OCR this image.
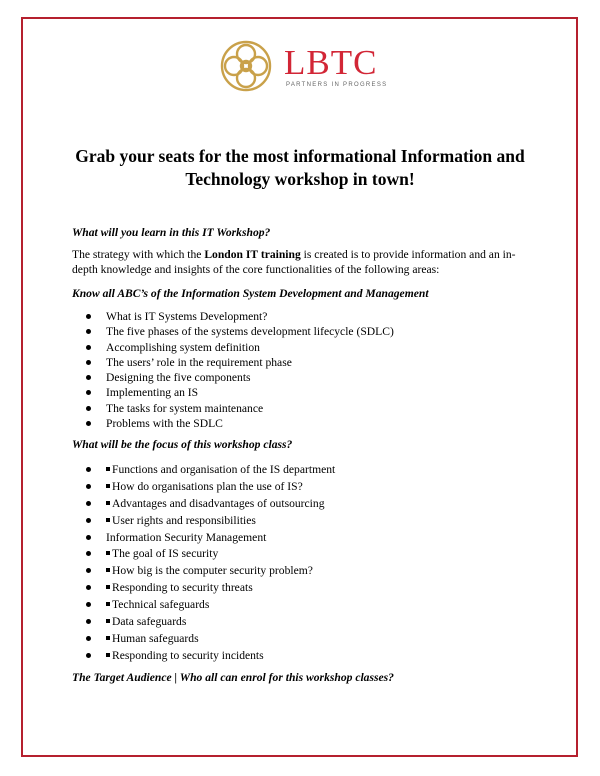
LBTC
PARTNERS IN PROGRESS
Grab your seats for the most informational Information and Technology workshop in town!
What will you learn in this IT Workshop?
The strategy with which the London IT training is created is to provide information and an in-depth knowledge and insights of the core functionalities of the following areas:
Know all ABC’s of the Information System Development and Management
What is IT Systems Development?
The five phases of the systems development lifecycle (SDLC)
Accomplishing system definition
The users’ role in the requirement phase
Designing the five components
Implementing an IS
The tasks for system maintenance
Problems with the SDLC
What will be the focus of this workshop class?
Functions and organisation of the IS department
How do organisations plan the use of IS?
Advantages and disadvantages of outsourcing
User rights and responsibilities
Information Security Management
The goal of IS security
How big is the computer security problem?
Responding to security threats
Technical safeguards
Data safeguards
Human safeguards
Responding to security incidents
The Target Audience | Who all can enrol for this workshop classes?
